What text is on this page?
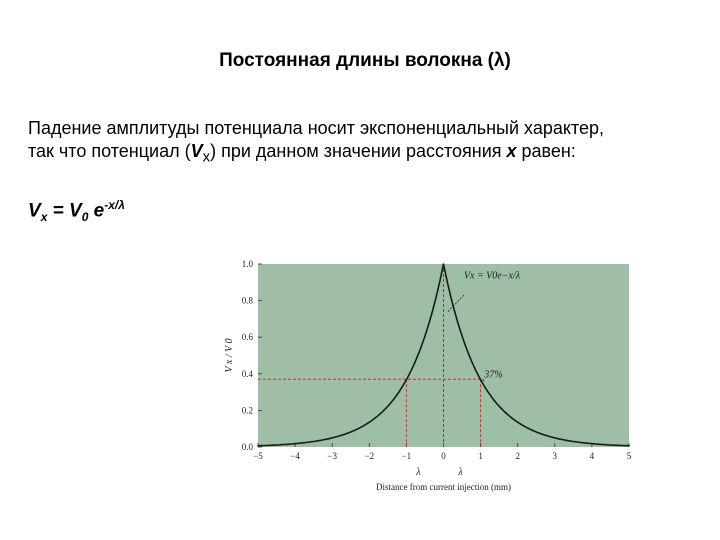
Постоянная длины волокна (λ)
Падение амплитуды потенциала носит экспоненциальный характер,
так что потенциал $(V_x)$ при данном значении расстояния x равен:
$V_x = V_0$ $e^{-x/\lambda}$
0.0
0.2
0.4
0.6
0.8
1.0
−5	−4	−3	−2	−1	0	1	2	3	4	5
Distance from current injection (mm)
V x / V 0
Vx = V0e−x/λ
37%
λ	λ
